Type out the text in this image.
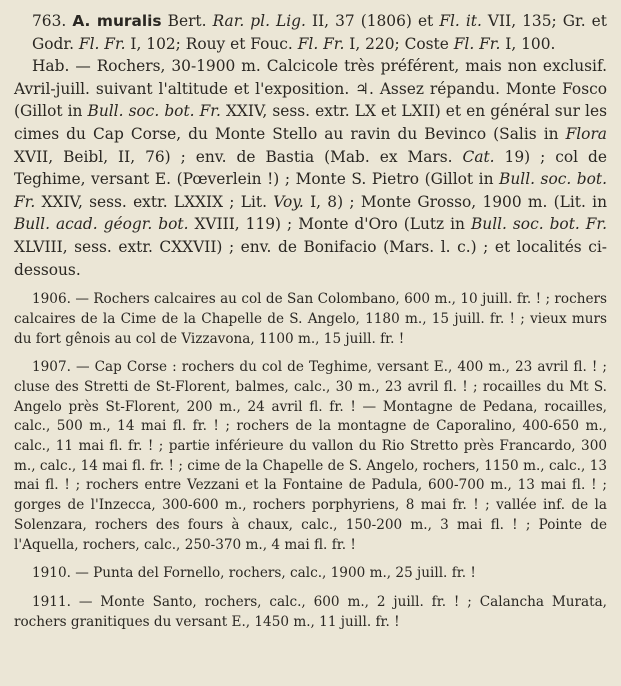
763. A. muralis Bert. Rar. pl. Lig. II, 37 (1806) et Fl. it. VII, 135; Gr. et Godr. Fl. Fr. I, 102; Rouy et Fouc. Fl. Fr. I, 220; Coste Fl. Fr. I, 100.

Hab. — Rochers, 30-1900 m. Calcicole très préférent, mais non exclusif. Avril-juill. suivant l'altitude et l'exposition. ♃. Assez répandu. Monte Fosco (Gillot in Bull. soc. bot. Fr. XXIV, sess. extr. LX et LXII) et en général sur les cimes du Cap Corse, du Monte Stello au ravin du Bevinco (Salis in Flora XVII, Beibl, II, 76) ; env. de Bastia (Mab. ex Mars. Cat. 19) ; col de Teghime, versant E. (Pœverlein !) ; Monte S. Pietro (Gillot in Bull. soc. bot. Fr. XXIV, sess. extr. LXXIX ; Lit. Voy. I, 8) ; Monte Grosso, 1900 m. (Lit. in Bull. acad. géogr. bot. XVIII, 119) ; Monte d'Oro (Lutz in Bull. soc. bot. Fr. XLVIII, sess. extr. CXXVII) ; env. de Bonifacio (Mars. l. c.) ; et localités ci-dessous.

1906. — Rochers calcaires au col de San Colombano, 600 m., 10 juill. fr. ! ; rochers calcaires de la Cime de la Chapelle de S. Angelo, 1180 m., 15 juill. fr. ! ; vieux murs du fort gênois au col de Vizzavona, 1100 m., 15 juill. fr. !

1907. — Cap Corse : rochers du col de Teghime, versant E., 400 m., 23 avril fl. ! ; cluse des Stretti de St-Florent, balmes, calc., 30 m., 23 avril fl. ! ; rocailles du Mt S. Angelo près St-Florent, 200 m., 24 avril fl. fr. ! — Montagne de Pedana, rocailles, calc., 500 m., 14 mai fl. fr. ! ; rochers de la montagne de Caporalino, 400-650 m., calc., 11 mai fl. fr. ! ; partie inférieure du vallon du Rio Stretto près Francardo, 300 m., calc., 14 mai fl. fr. ! ; cime de la Chapelle de S. Angelo, rochers, 1150 m., calc., 13 mai fl. ! ; rochers entre Vezzani et la Fontaine de Padula, 600-700 m., 13 mai fl. ! ; gorges de l'Inzecca, 300-600 m., rochers porphyriens, 8 mai fr. ! ; vallée inf. de la Solenzara, rochers des fours à chaux, calc., 150-200 m., 3 mai fl. ! ; Pointe de l'Aquella, rochers, calc., 250-370 m., 4 mai fl. fr. !

1910. — Punta del Fornello, rochers, calc., 1900 m., 25 juill. fr. !

1911. — Monte Santo, rochers, calc., 600 m., 2 juill. fr. ! ; Calancha Murata, rochers granitiques du versant E., 1450 m., 11 juill. fr. !
